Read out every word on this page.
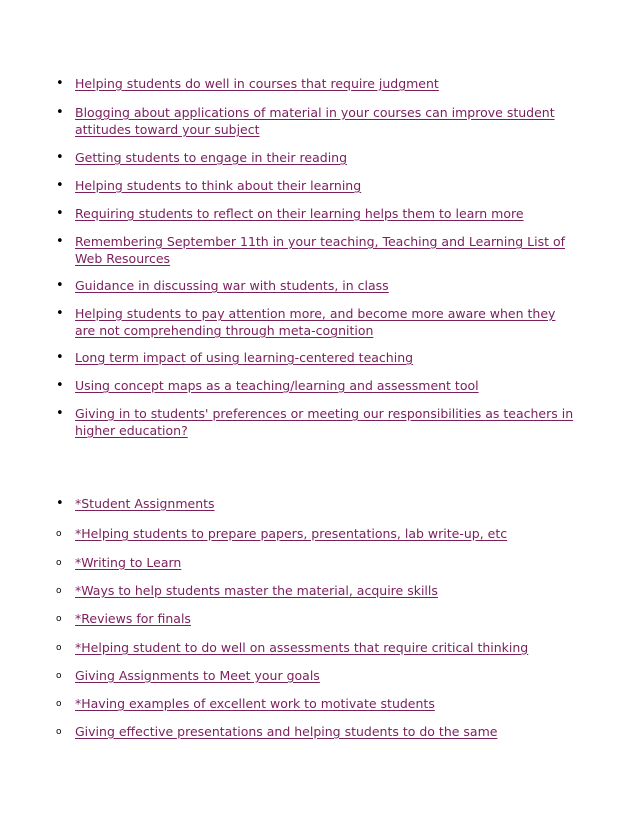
• Helping students do well in courses that require judgment
• Blogging about applications of material in your courses can improve student attitudes toward your subject
• Getting students to engage in their reading
• Helping students to think about their learning
• Requiring students to reflect on their learning helps them to learn more
• Remembering September 11th in your teaching, Teaching and Learning List of Web Resources
• Guidance in discussing war with students, in class
• Helping students to pay attention more, and become more aware when they are not comprehending through meta-cognition
• Long term impact of using learning-centered teaching
• Using concept maps as a teaching/learning and assessment tool
• Giving in to students' preferences or meeting our responsibilities as teachers in higher education?
• *Student Assignments
o	*Helping students to prepare papers, presentations, lab write-up, etc
o	*Writing to Learn
o	*Ways to help students master the material, acquire skills
o	*Reviews for finals
o	*Helping student to do well on assessments that require critical thinking
o	Giving Assignments to Meet your goals
o	*Having examples of excellent work to motivate students
o	Giving effective presentations and helping students to do the same
